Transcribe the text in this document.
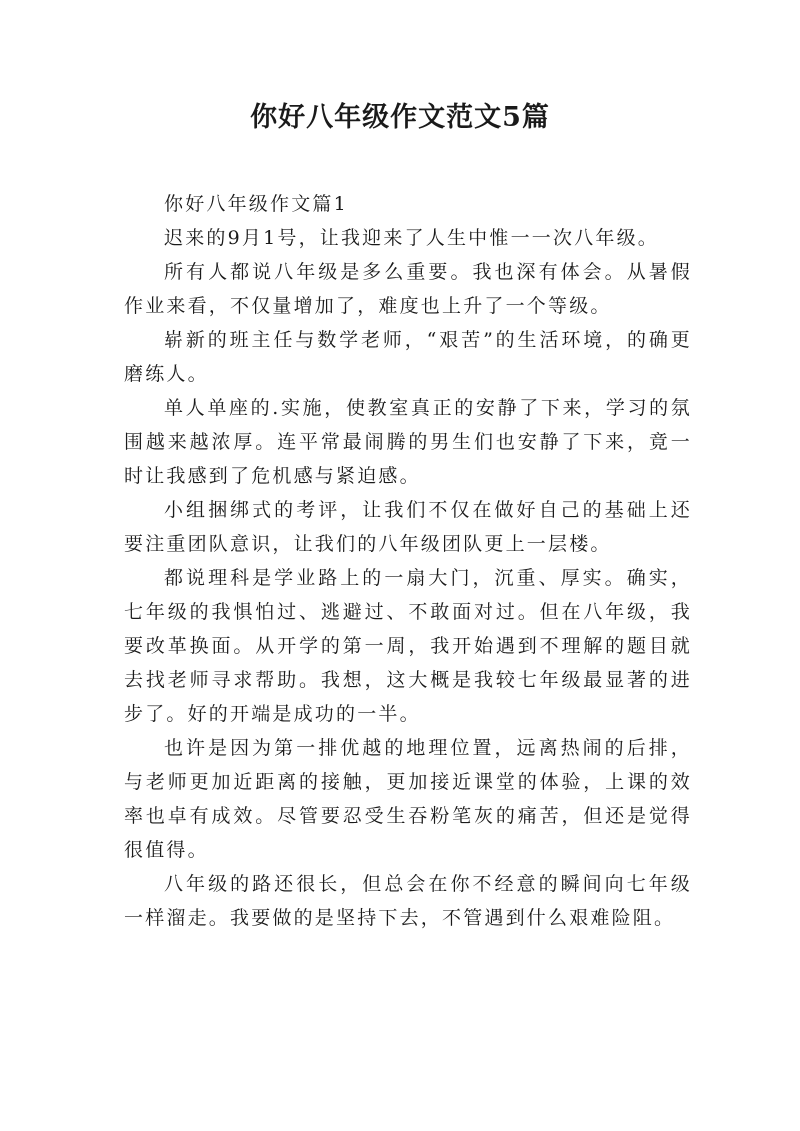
你好八年级作文范文5篇

你好八年级作文篇1

迟来的9月1号，让我迎来了人生中惟一一次八年级。

所有人都说八年级是多么重要。我也深有体会。从暑假作业来看，不仅量增加了，难度也上升了一个等级。

崭新的班主任与数学老师，“艰苦”的生活环境，的确更磨练人。

单人单座的.实施，使教室真正的安静了下来，学习的氛围越来越浓厚。连平常最闹腾的男生们也安静了下来，竟一时让我感到了危机感与紧迫感。

小组捆绑式的考评，让我们不仅在做好自己的基础上还要注重团队意识，让我们的八年级团队更上一层楼。

都说理科是学业路上的一扇大门，沉重、厚实。确实，七年级的我惧怕过、逃避过、不敢面对过。但在八年级，我要改革换面。从开学的第一周，我开始遇到不理解的题目就去找老师寻求帮助。我想，这大概是我较七年级最显著的进步了。好的开端是成功的一半。

也许是因为第一排优越的地理位置，远离热闹的后排，与老师更加近距离的接触，更加接近课堂的体验，上课的效率也卓有成效。尽管要忍受生吞粉笔灰的痛苦，但还是觉得很值得。

八年级的路还很长，但总会在你不经意的瞬间向七年级一样溜走。我要做的是坚持下去，不管遇到什么艰难险阻。
